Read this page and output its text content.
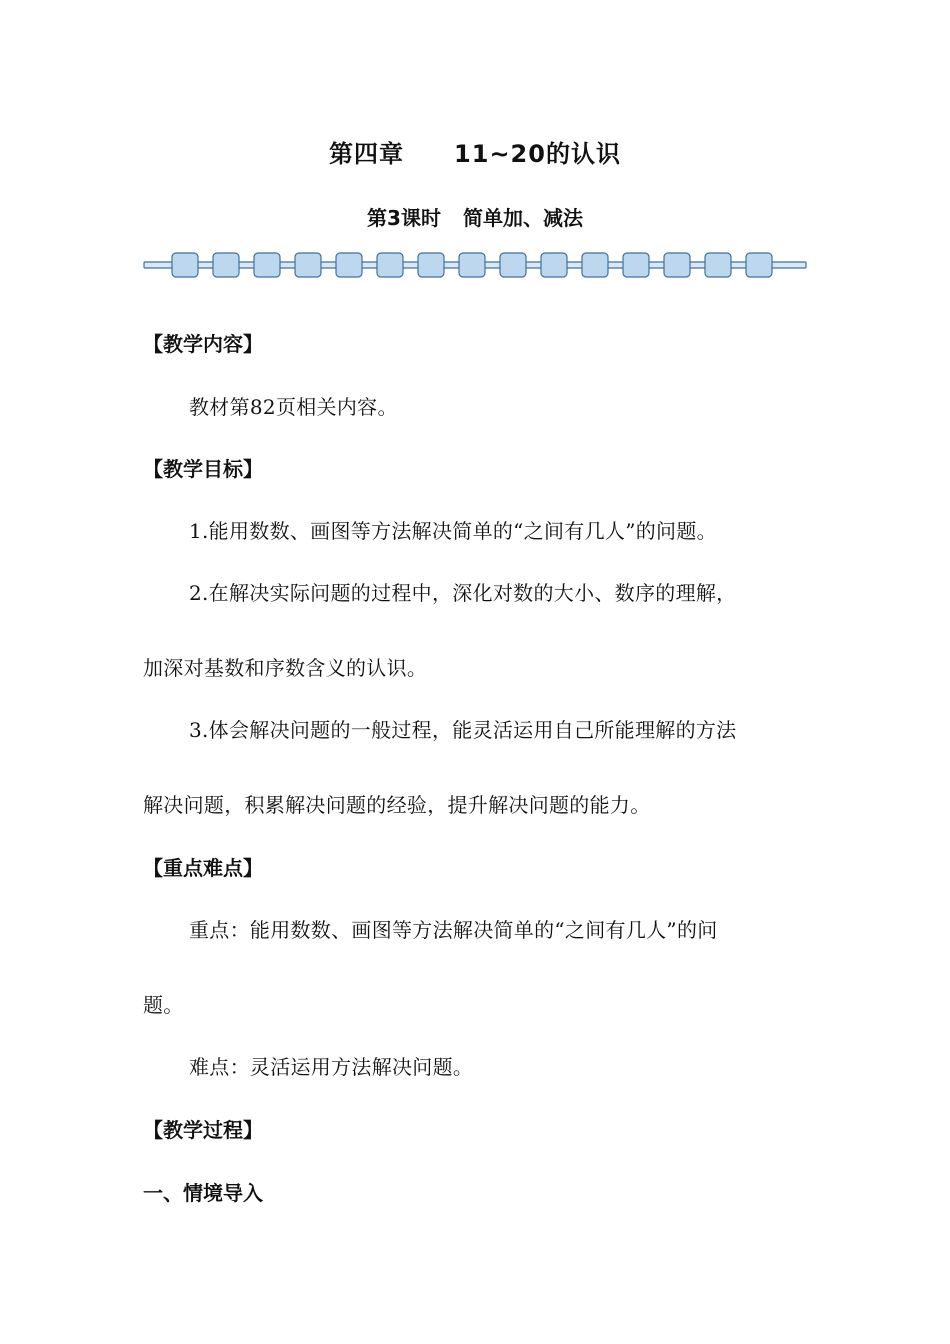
第四章 11~20的认识
第3课时 简单加、减法
【教学内容】
教材第82页相关内容。
【教学目标】
1.能用数数、画图等方法解决简单的“之间有几人”的问题。
2.在解决实际问题的过程中，深化对数的大小、数序的理解，
加深对基数和序数含义的认识。
3.体会解决问题的一般过程，能灵活运用自己所能理解的方法
解决问题，积累解决问题的经验，提升解决问题的能力。
【重点难点】
重点：能用数数、画图等方法解决简单的“之间有几人”的问
题。
难点：灵活运用方法解决问题。
【教学过程】
一、情境导入
